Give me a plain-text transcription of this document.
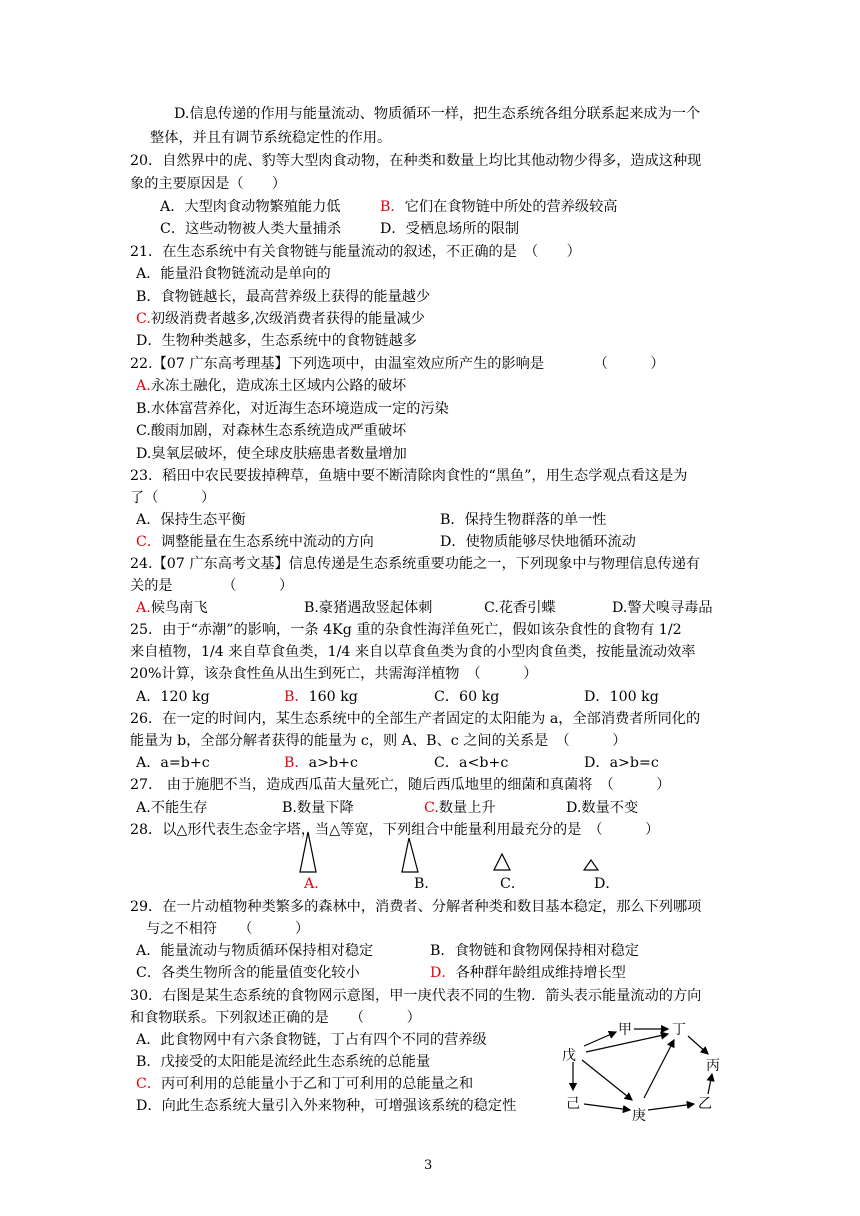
D.信息传递的作用与能量流动、物质循环一样，把生态系统各组分联系起来成为一个
整体，并且有调节系统稳定性的作用。
20．自然界中的虎、豹等大型肉食动物，在种类和数量上均比其他动物少得多，造成这种现
象的主要原因是（　　）
A．大型肉食动物繁殖能力低	B．它们在食物链中所处的营养级较高
C．这些动物被人类大量捕杀	D．受栖息场所的限制
21．在生态系统中有关食物链与能量流动的叙述，不正确的是　（　　）
A．能量沿食物链流动是单向的
B．食物链越长，最高营养级上获得的能量越少
C.初级消费者越多,次级消费者获得的能量减少
D．生物种类越多，生态系统中的食物链越多
22.【07 广东高考理基】下列选项中，由温室效应所产生的影响是　　　　（　　　）
A.永冻土融化，造成冻土区域内公路的破坏
B.水体富营养化，对近海生态环境造成一定的污染
C.酸雨加剧，对森林生态系统造成严重破坏
D.臭氧层破坏，使全球皮肤癌患者数量增加
23．稻田中农民要拔掉稗草，鱼塘中要不断清除肉食性的“黑鱼”，用生态学观点看这是为
了（　　　）
A．保持生态平衡	B．保持生物群落的单一性
C．调整能量在生态系统中流动的方向	D．使物质能够尽快地循环流动
24.【07 广东高考文基】信息传递是生态系统重要功能之一，下列现象中与物理信息传递有
关的是　　　　（　　　）
A.候鸟南飞	B.豪猪遇敌竖起体刺	C.花香引蝶	D.警犬嗅寻毒品
25．由于“赤潮”的影响，一条 4Kg 重的杂食性海洋鱼死亡，假如该杂食性的食物有 1/2
来自植物，1/4 来自草食鱼类，1/4 来自以草食鱼类为食的小型肉食鱼类，按能量流动效率
20%计算，该杂食性鱼从出生到死亡，共需海洋植物　（　　　）
A．120 kg	B．160 kg	C．60 kg	D．100 kg
26．在一定的时间内，某生态系统中的全部生产者固定的太阳能为 a，全部消费者所同化的
能量为 b，全部分解者获得的能量为 c，则 A、B、c 之间的关系是　（　　　）
A．a=b+c	B．a>b+c	C．a<b+c	D．a>b=c
27.　由于施肥不当，造成西瓜苗大量死亡，随后西瓜地里的细菌和真菌将　（　　　）
A.不能生存	B.数量下降	C.数量上升	D.数量不变
28．以△形代表生态金字塔，当△等宽，下列组合中能量利用最充分的是　（　　　）
A．	B．	C．	D．
29．在一片动植物种类繁多的森林中，消费者、分解者种类和数目基本稳定，那么下列哪项
与之不相符　　（　　　）
A．能量流动与物质循环保持相对稳定	B．食物链和食物网保持相对稳定
C．各类生物所含的能量值变化较小	D．各种群年龄组成维持增长型
30．右图是某生态系统的食物网示意图，甲一庚代表不同的生物．箭头表示能量流动的方向
和食物联系。下列叙述正确的是　　（　　　）
A．此食物网中有六条食物链，丁占有四个不同的营养级
B．戊接受的太阳能是流经此生态系统的总能量
C．丙可利用的总能量小于乙和丁可利用的总能量之和
D．向此生态系统大量引入外来物种，可增强该系统的稳定性
甲	丁
戊
丙
己	乙
庚
3
